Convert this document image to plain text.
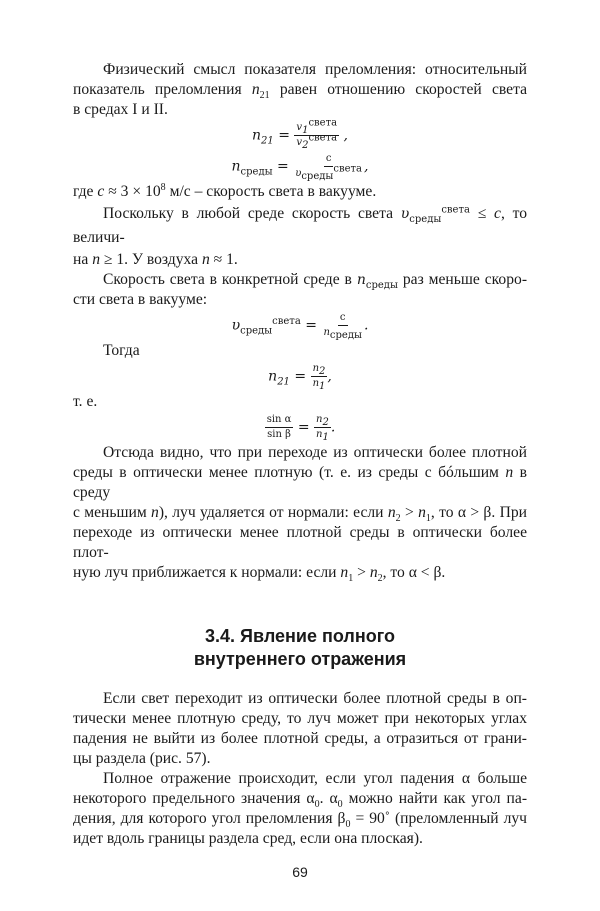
Физический смысл показателя преломления: относительный
показатель преломления $n_{21}$ равен отношению скоростей света
в средах I и II.
$n_{21} = \frac{v_1^{света}}{v_2^{света}}$ ,
$n_{среды} = \frac{c}{\upsilon_{среды}^{света}}$ ,
где $c \approx 3 \times 10^8$ м/с – скорость света в вакууме.
Поскольку в любой среде скорость света $\upsilon_{среды}^{света} \le c$, то величи-
на n ≥ 1. У воздуха n ≈ 1.
Скорость света в конкретной среде в $n_{среды}$ раз меньше скоро-
сти света в вакууме:
$\upsilon_{среды}^{света} = \frac{c}{n_{среды}}$ .
Тогда
$n_{21} = \frac{n_2}{n_1}$ ,
т. е.
$\frac{\text{sin α}}{\text{sin β}} = \frac{n_2}{n_1}$ .
Отсюда видно, что при переходе из оптически более плотной
среды в оптически менее плотную (т. е. из среды с бóльшим n в среду
с меньшим n), луч удаляется от нормали: если $n_2 > n_1$, то α > β. При
переходе из оптически менее плотной среды в оптически более плот-
ную луч приближается к нормали: если $n_1 > n_2$, то α < β.
3.4. Явление полного
внутреннего отражения
Если свет переходит из оптически более плотной среды в оп-
тически менее плотную среду, то луч может при некоторых углах
падения не выйти из более плотной среды, а отразиться от грани-
цы раздела (рис. 57).
Полное отражение происходит, если угол падения α больше
некоторого предельного значения $\alpha_0$. $\alpha_0$ можно найти как угол па-
дения, для которого угол преломления $\beta_0$ = 90˚ (преломленный луч
идет вдоль границы раздела сред, если она плоская).
69
